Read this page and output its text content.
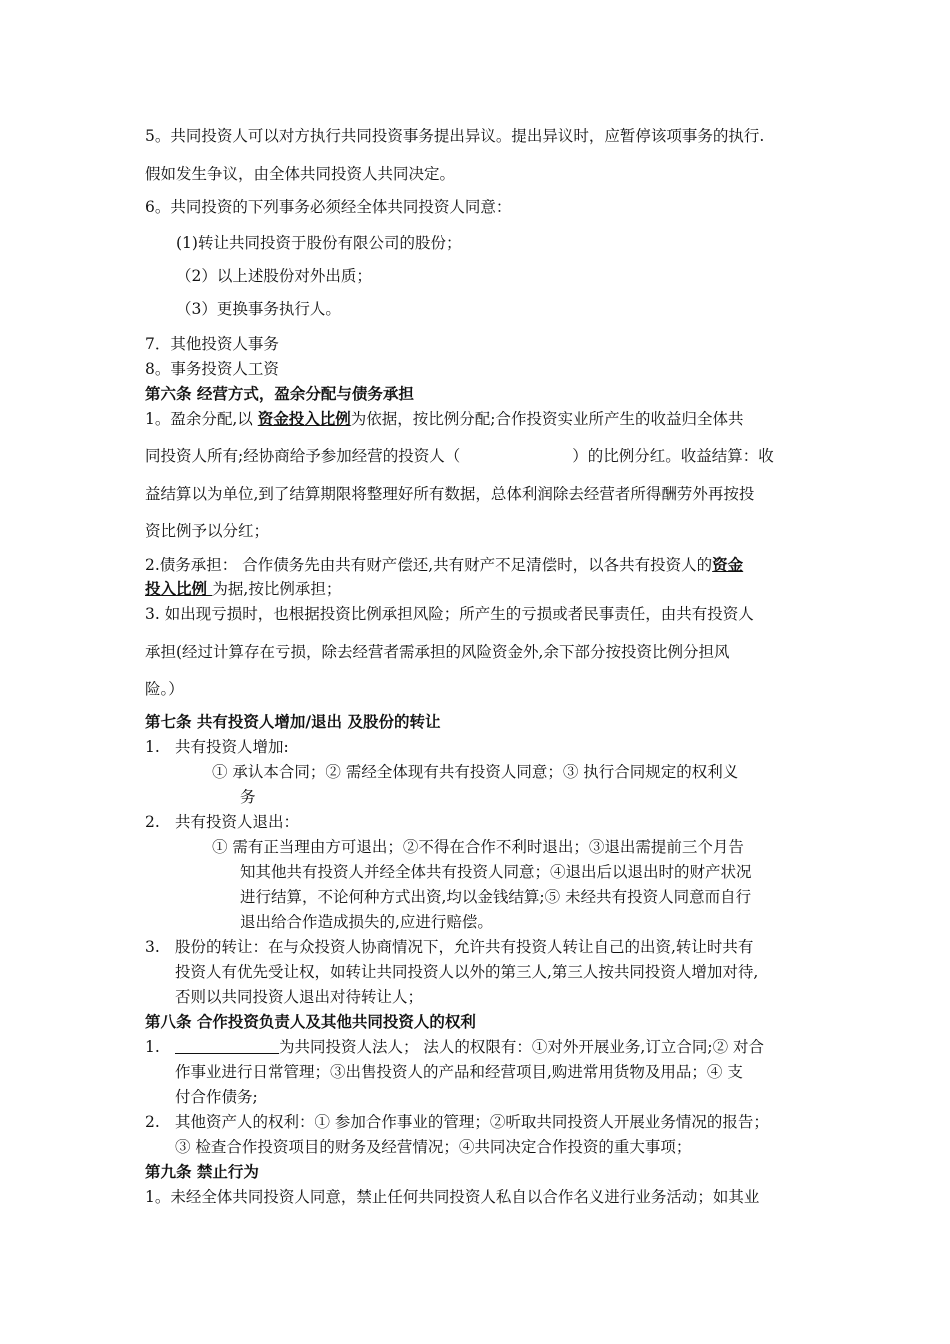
5。共同投资人可以对方执行共同投资事务提出异议。提出异议时，应暂停该项事务的执行.
假如发生争议，由全体共同投资人共同决定。
6。共同投资的下列事务必须经全体共同投资人同意：
(1)转让共同投资于股份有限公司的股份；
（2）以上述股份对外出质；
（3）更换事务执行人。
7．其他投资人事务
8。事务投资人工资
第六条 经营方式，盈余分配与债务承担
1。盈余分配,以 资金投入比例为依据，按比例分配;合作投资实业所产生的收益归全体共
同投资人所有;经协商给予参加经营的投资人（	）的比例分红。收益结算：收
益结算以为单位,到了结算期限将整理好所有数据，总体利润除去经营者所得酬劳外再按投
资比例予以分红；
2.债务承担： 合作债务先由共有财产偿还,共有财产不足清偿时，以各共有投资人的资金
投入比例 为据,按比例承担；
3. 如出现亏损时，也根据投资比例承担风险；所产生的亏损或者民事责任，由共有投资人
承担(经过计算存在亏损，除去经营者需承担的风险资金外,余下部分按投资比例分担风
险。）
第七条 共有投资人增加/退出 及股份的转让
1. 共有投资人增加:
① 承认本合同；② 需经全体现有共有投资人同意；③ 执行合同规定的权利义
务
2. 共有投资人退出：
① 需有正当理由方可退出；②不得在合作不利时退出；③退出需提前三个月告
知其他共有投资人并经全体共有投资人同意；④退出后以退出时的财产状况
进行结算，不论何种方式出资,均以金钱结算;⑤ 未经共有投资人同意而自行
退出给合作造成损失的,应进行赔偿。
3. 股份的转让：在与众投资人协商情况下，允许共有投资人转让自己的出资,转让时共有
投资人有优先受让权，如转让共同投资人以外的第三人,第三人按共同投资人增加对待,
否则以共同投资人退出对待转让人；
第八条 合作投资负责人及其他共同投资人的权利
1.	为共同投资人法人； 法人的权限有：①对外开展业务,订立合同;② 对合
作事业进行日常管理；③出售投资人的产品和经营项目,购进常用货物及用品；④ 支
付合作债务;
2. 其他资产人的权利：① 参加合作事业的管理；②听取共同投资人开展业务情况的报告；
③ 检查合作投资项目的财务及经营情况；④共同决定合作投资的重大事项；
第九条 禁止行为
1。未经全体共同投资人同意，禁止任何共同投资人私自以合作名义进行业务活动；如其业
